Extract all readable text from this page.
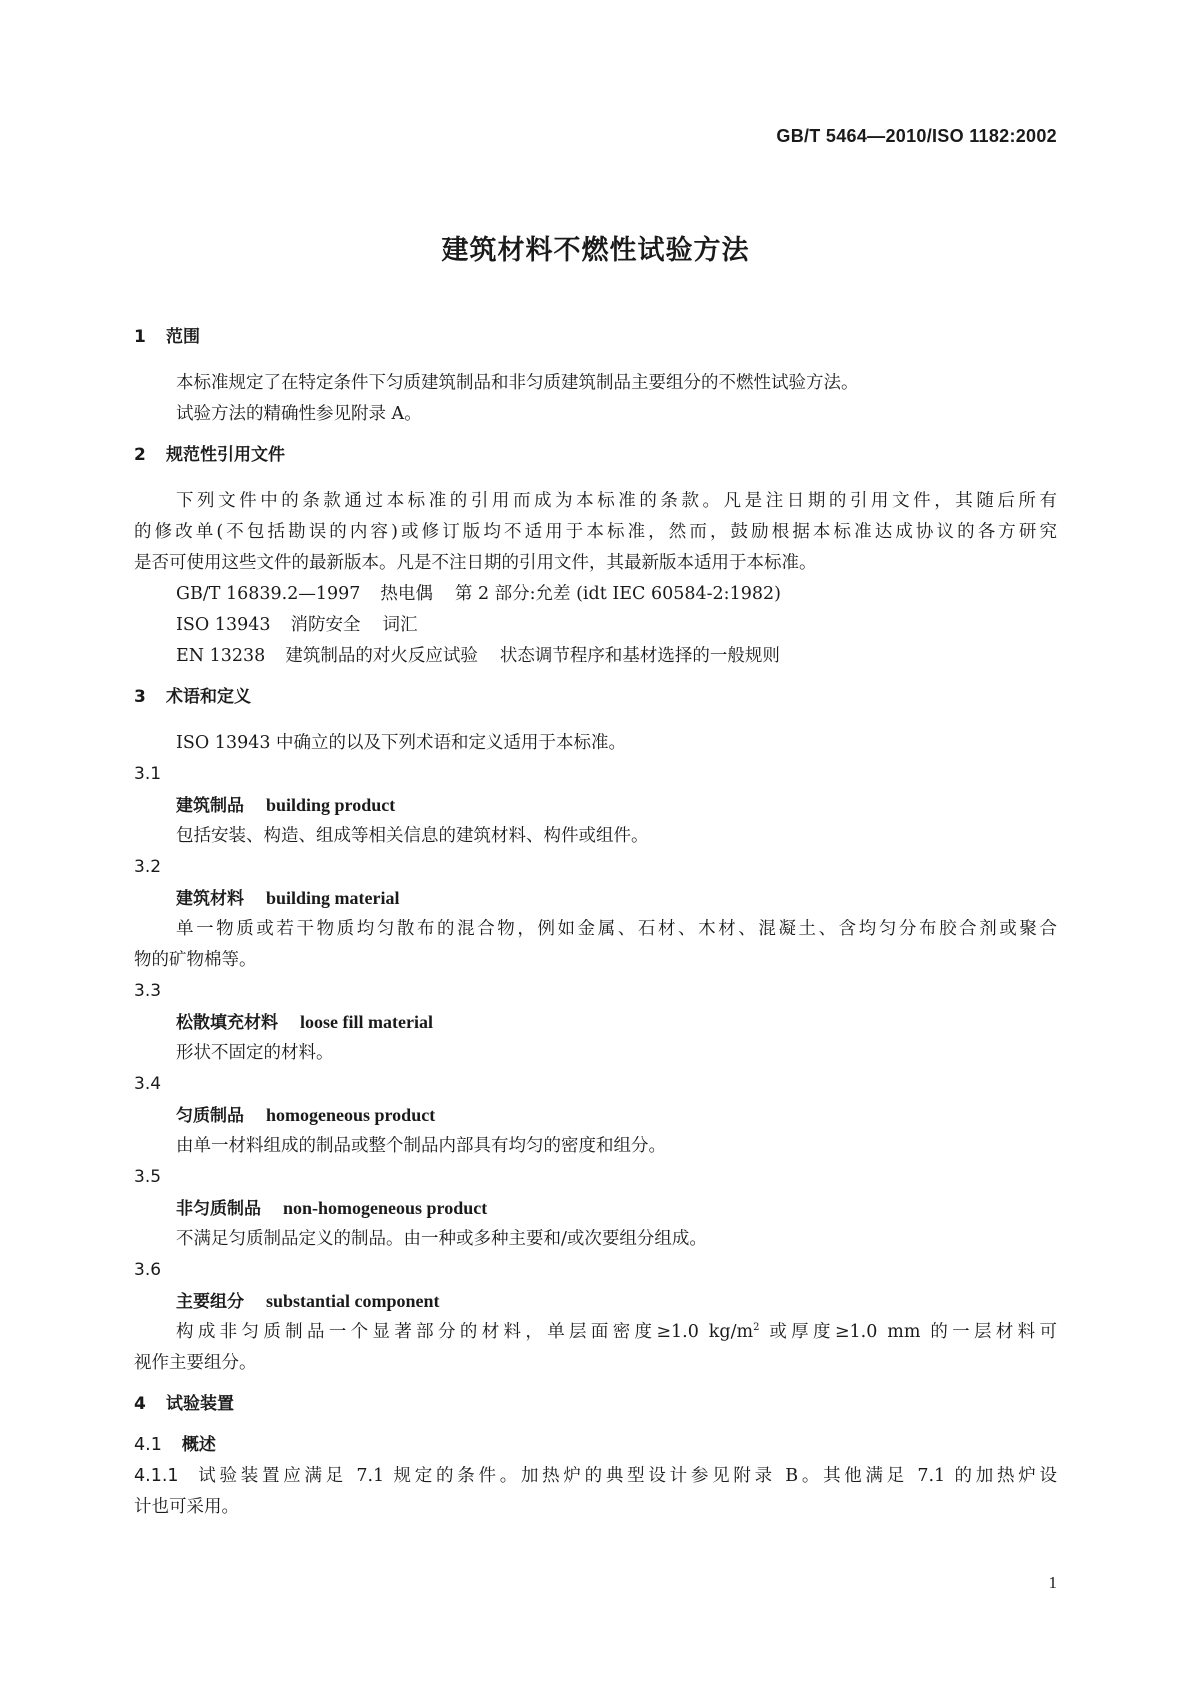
GB/T 5464—2010/ISO 1182:2002
建筑材料不燃性试验方法
1 范围
本标准规定了在特定条件下匀质建筑制品和非匀质建筑制品主要组分的不燃性试验方法。
试验方法的精确性参见附录 A。
2 规范性引用文件
下列文件中的条款通过本标准的引用而成为本标准的条款。凡是注日期的引用文件，其随后所有
的修改单(不包括勘误的内容)或修订版均不适用于本标准，然而，鼓励根据本标准达成协议的各方研究
是否可使用这些文件的最新版本。凡是不注日期的引用文件，其最新版本适用于本标准。
GB/T 16839.2—1997 热电偶 第 2 部分:允差 (idt IEC 60584-2:1982)
ISO 13943 消防安全 词汇
EN 13238 建筑制品的对火反应试验 状态调节程序和基材选择的一般规则
3 术语和定义
ISO 13943 中确立的以及下列术语和定义适用于本标准。
3.1
建筑制品 building product
包括安装、构造、组成等相关信息的建筑材料、构件或组件。
3.2
建筑材料 building material
单一物质或若干物质均匀散布的混合物，例如金属、石材、木材、混凝土、含均匀分布胶合剂或聚合
物的矿物棉等。
3.3
松散填充材料 loose fill material
形状不固定的材料。
3.4
匀质制品 homogeneous product
由单一材料组成的制品或整个制品内部具有均匀的密度和组分。
3.5
非匀质制品 non-homogeneous product
不满足匀质制品定义的制品。由一种或多种主要和/或次要组分组成。
3.6
主要组分 substantial component
构成非匀质制品一个显著部分的材料，单层面密度≥1.0 $kg/m^2$ 或厚度≥1.0 mm 的一层材料可
视作主要组分。
4 试验装置
4.1 概述
4.1.1 试验装置应满足 7.1 规定的条件。加热炉的典型设计参见附录 B。其他满足 7.1 的加热炉设
计也可采用。
1
